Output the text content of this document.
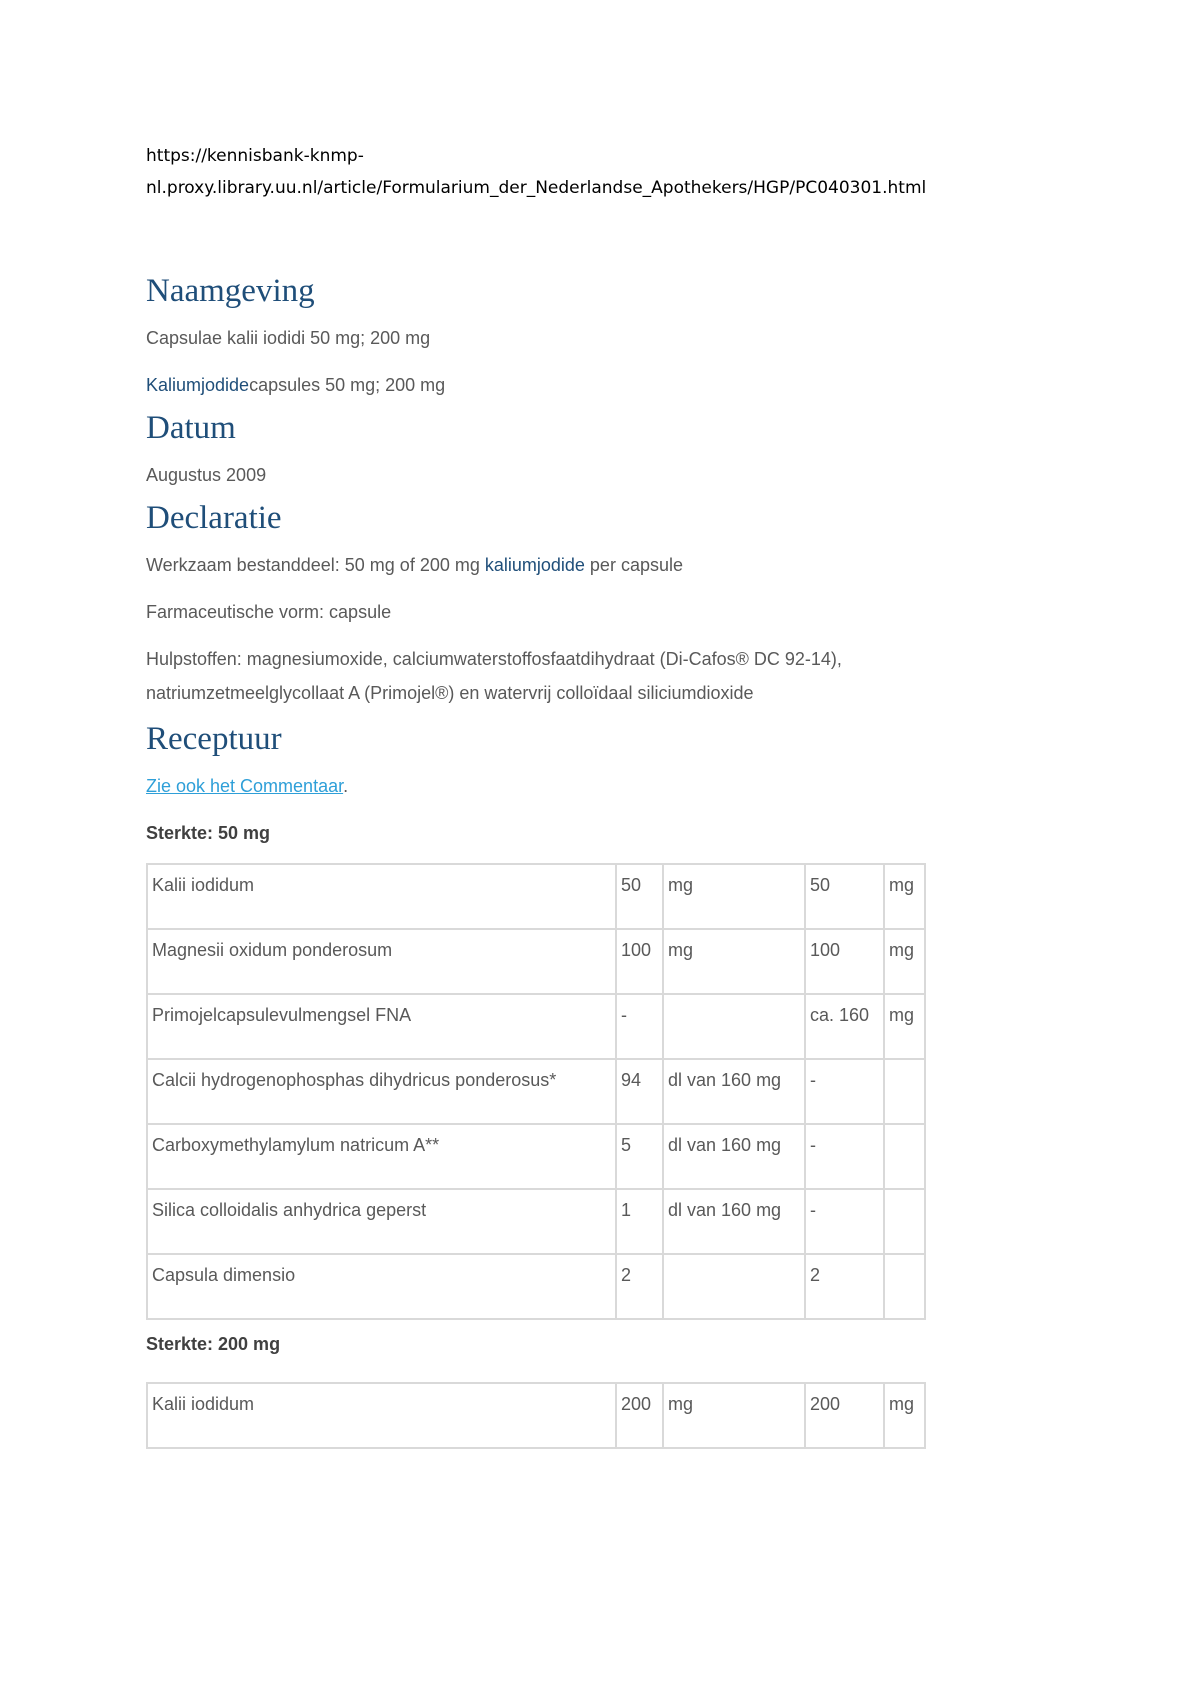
https://kennisbank-knmp-

nl.proxy.library.uu.nl/article/Formularium_der_Nederlandse_Apothekers/HGP/PC040301.html

Naamgeving

Capsulae kalii iodidi 50 mg; 200 mg

Kaliumjodidecapsules 50 mg; 200 mg

Datum

Augustus 2009

Declaratie

Werkzaam bestanddeel: 50 mg of 200 mg kaliumjodide per capsule

Farmaceutische vorm: capsule

Hulpstoffen: magnesiumoxide, calciumwaterstoffosfaatdihydraat (Di-Cafos® DC 92-14),

natriumzetmeelglycollaat A (Primojel®) en watervrij colloïdaal siliciumdioxide

Receptuur

Zie ook het Commentaar.

Sterkte: 50 mg

Kalii iodidum	50	mg	50	mg
Magnesii oxidum ponderosum	100	mg	100	mg
Primojelcapsulevulmengsel FNA	-		ca. 160	mg
Calcii hydrogenophosphas dihydricus ponderosus*	94	dl van 160 mg	-	
Carboxymethylamylum natricum A**	5	dl van 160 mg	-	
Silica colloidalis anhydrica geperst	1	dl van 160 mg	-	
Capsula dimensio	2		2	

Sterkte: 200 mg

Kalii iodidum	200	mg	200	mg
